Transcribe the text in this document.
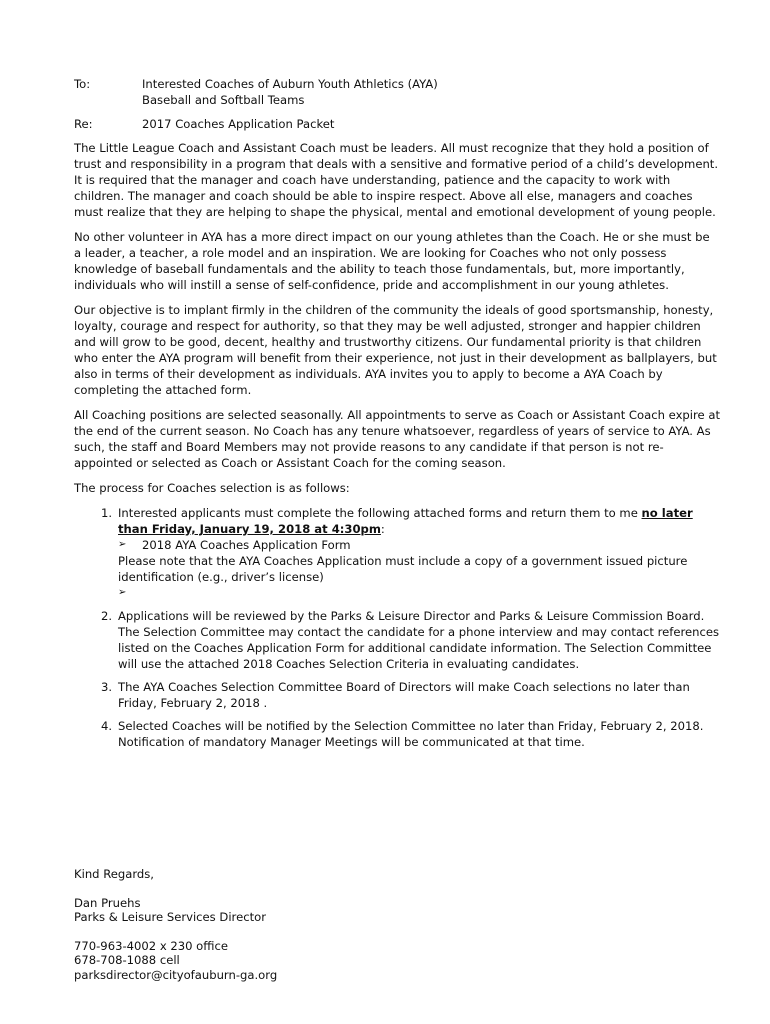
To:	Interested Coaches of Auburn Youth Athletics (AYA)
Baseball and Softball Teams
Re:	2017 Coaches Application Packet

The Little League Coach and Assistant Coach must be leaders. All must recognize that they hold a position of trust and responsibility in a program that deals with a sensitive and formative period of a child’s development. It is required that the manager and coach have understanding, patience and the capacity to work with children. The manager and coach should be able to inspire respect. Above all else, managers and coaches must realize that they are helping to shape the physical, mental and emotional development of young people.

No other volunteer in AYA has a more direct impact on our young athletes than the Coach. He or she must be a leader, a teacher, a role model and an inspiration. We are looking for Coaches who not only possess knowledge of baseball fundamentals and the ability to teach those fundamentals, but, more importantly, individuals who will instill a sense of self-confidence, pride and accomplishment in our young athletes.

Our objective is to implant firmly in the children of the community the ideals of good sportsmanship, honesty, loyalty, courage and respect for authority, so that they may be well adjusted, stronger and happier children and will grow to be good, decent, healthy and trustworthy citizens. Our fundamental priority is that children who enter the AYA program will benefit from their experience, not just in their development as ballplayers, but also in terms of their development as individuals. AYA invites you to apply to become a AYA Coach by completing the attached form.

All Coaching positions are selected seasonally. All appointments to serve as Coach or Assistant Coach expire at the end of the current season. No Coach has any tenure whatsoever, regardless of years of service to AYA. As such, the staff and Board Members may not provide reasons to any candidate if that person is not re-appointed or selected as Coach or Assistant Coach for the coming season.

The process for Coaches selection is as follows:

1. Interested applicants must complete the following attached forms and return them to me no later than Friday, January 19, 2018 at 4:30pm:
➢	2018 AYA Coaches Application Form
Please note that the AYA Coaches Application must include a copy of a government issued picture identification (e.g., driver’s license)
➢
2. Applications will be reviewed by the Parks & Leisure Director and Parks & Leisure Commission Board. The Selection Committee may contact the candidate for a phone interview and may contact references listed on the Coaches Application Form for additional candidate information. The Selection Committee will use the attached 2018 Coaches Selection Criteria in evaluating candidates.
3. The AYA Coaches Selection Committee Board of Directors will make Coach selections no later than Friday, February 2, 2018 .
4. Selected Coaches will be notified by the Selection Committee no later than Friday, February 2, 2018. Notification of mandatory Manager Meetings will be communicated at that time.
Kind Regards,
Dan Pruehs
Parks & Leisure Services Director
770-963-4002 x 230 office
678-708-1088 cell
parksdirector@cityofauburn-ga.org
